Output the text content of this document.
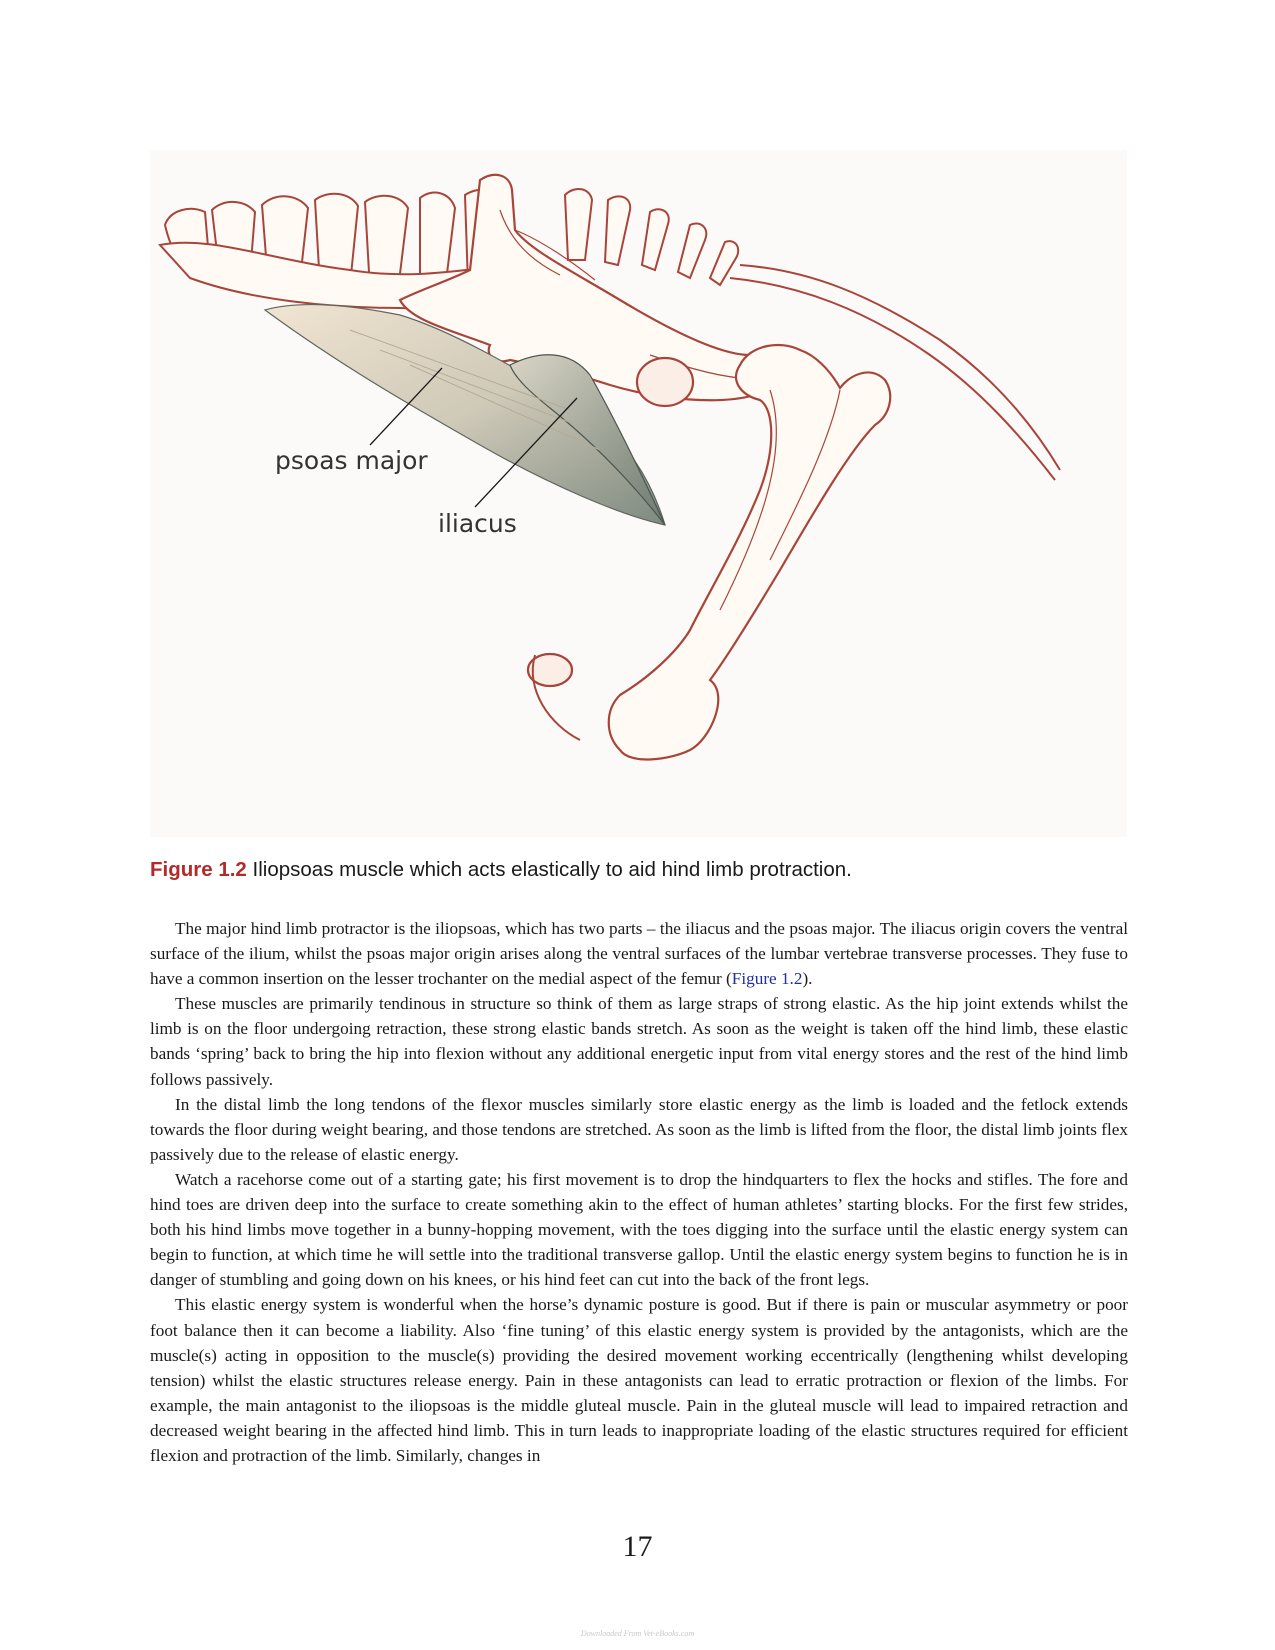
psoas major
iliacus
Figure 1.2 Iliopsoas muscle which acts elastically to aid hind limb protraction.

The major hind limb protractor is the iliopsoas, which has two parts – the iliacus and the psoas major. The iliacus origin covers the ventral surface of the ilium, whilst the psoas major origin arises along the ventral surfaces of the lumbar vertebrae transverse processes. They fuse to have a common insertion on the lesser trochanter on the medial aspect of the femur (Figure 1.2).

These muscles are primarily tendinous in structure so think of them as large straps of strong elastic. As the hip joint extends whilst the limb is on the floor undergoing retraction, these strong elastic bands stretch. As soon as the weight is taken off the hind limb, these elastic bands ‘spring’ back to bring the hip into flexion without any additional energetic input from vital energy stores and the rest of the hind limb follows passively.

In the distal limb the long tendons of the flexor muscles similarly store elastic energy as the limb is loaded and the fetlock extends towards the floor during weight bearing, and those tendons are stretched. As soon as the limb is lifted from the floor, the distal limb joints flex passively due to the release of elastic energy.

Watch a racehorse come out of a starting gate; his first movement is to drop the hindquarters to flex the hocks and stifles. The fore and hind toes are driven deep into the surface to create something akin to the effect of human athletes’ starting blocks. For the first few strides, both his hind limbs move together in a bunny-hopping movement, with the toes digging into the surface until the elastic energy system can begin to function, at which time he will settle into the traditional transverse gallop. Until the elastic energy system begins to function he is in danger of stumbling and going down on his knees, or his hind feet can cut into the back of the front legs.

This elastic energy system is wonderful when the horse’s dynamic posture is good. But if there is pain or muscular asymmetry or poor foot balance then it can become a liability. Also ‘fine tuning’ of this elastic energy system is provided by the antagonists, which are the muscle(s) acting in opposition to the muscle(s) providing the desired movement working eccentrically (lengthening whilst developing tension) whilst the elastic structures release energy. Pain in these antagonists can lead to erratic protraction or flexion of the limbs. For example, the main antagonist to the iliopsoas is the middle gluteal muscle. Pain in the gluteal muscle will lead to impaired retraction and decreased weight bearing in the affected hind limb. This in turn leads to inappropriate loading of the elastic structures required for efficient flexion and protraction of the limb. Similarly, changes in

17
Downloaded From Vet-eBooks.com
